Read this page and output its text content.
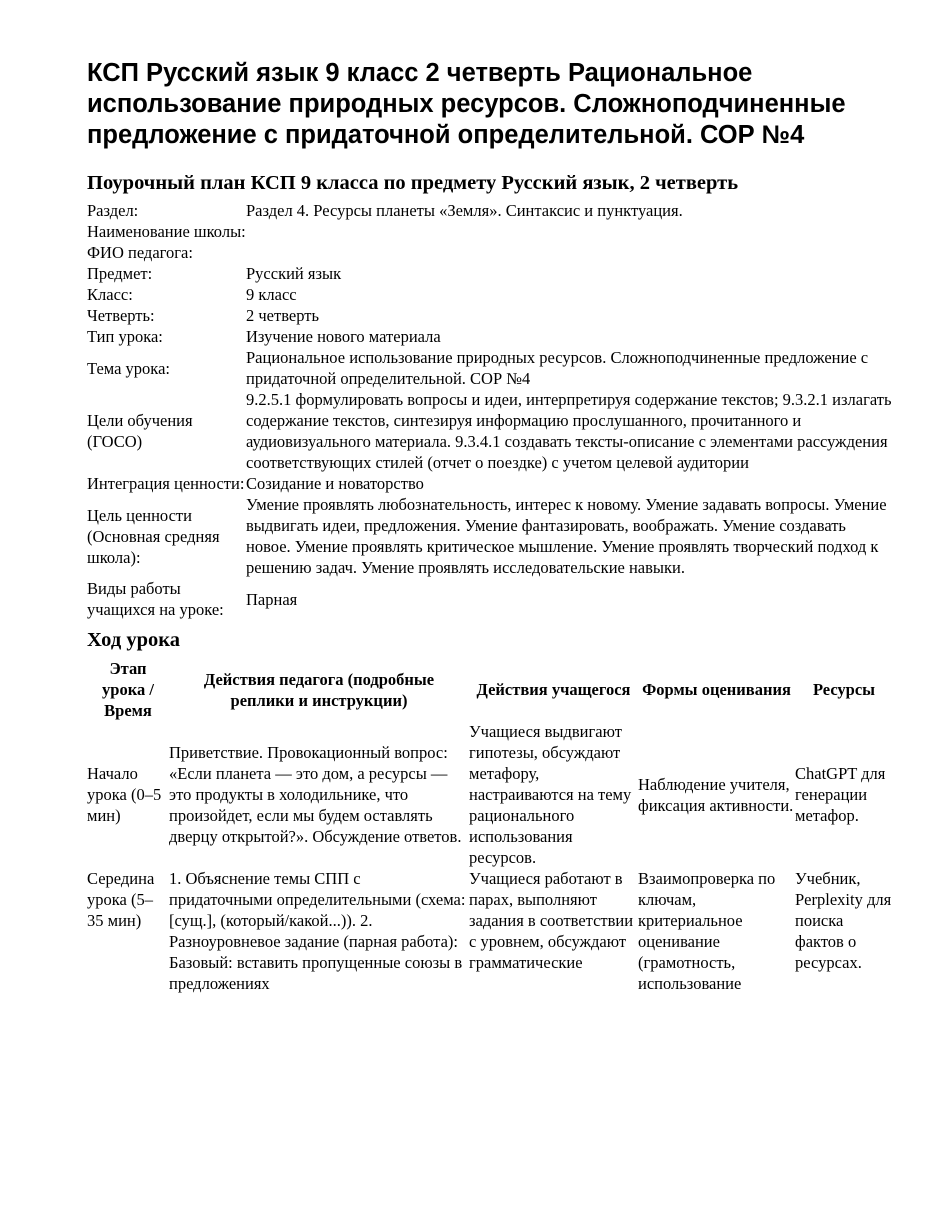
КСП Русский язык 9 класс 2 четверть Рациональное использование природных ресурсов. Сложноподчиненные предложение с придаточной определительной. СОР №4
Поурочный план КСП 9 класса по предмету Русский язык, 2 четверть
Раздел:	Раздел 4. Ресурсы планеты «Земля». Синтаксис и пунктуация.
Наименование школы:	
ФИО педагога:	
Предмет:	Русский язык
Класс:	9 класс
Четверть:	2 четверть
Тип урока:	Изучение нового материала
Тема урока:	Рациональное использование природных ресурсов. Сложноподчиненные предложение с придаточной определительной. СОР №4
Цели обучения (ГОСО)	9.2.5.1 формулировать вопросы и идеи, интерпретируя содержание текстов; 9.3.2.1 излагать содержание текстов, синтезируя информацию прослушанного, прочитанного и аудиовизуального материала. 9.3.4.1 создавать тексты-описание с элементами рассуждения соответствующих стилей (отчет о поездке) с учетом целевой аудитории
Интеграция ценности:	Созидание и новаторство
Цель ценности (Основная средняя школа):	Умение проявлять любознательность, интерес к новому. Умение задавать вопросы. Умение выдвигать идеи, предложения. Умение фантазировать, воображать. Умение создавать новое. Умение проявлять критическое мышление. Умение проявлять творческий подход к решению задач. Умение проявлять исследовательские навыки.
Виды работы учащихся на уроке:	Парная
Ход урока
Этап урока / Время	Действия педагога (подробные реплики и инструкции)	Действия учащегося	Формы оценивания	Ресурсы
Начало урока (0–5 мин)	Приветствие. Провокационный вопрос: «Если планета — это дом, а ресурсы — это продукты в холодильнике, что произойдет, если мы будем оставлять дверцу открытой?». Обсуждение ответов.	Учащиеся выдвигают гипотезы, обсуждают метафору, настраиваются на тему рационального использования ресурсов.	Наблюдение учителя, фиксация активности.	ChatGPT для генерации метафор.
Середина урока (5–35 мин)	1. Объяснение темы СПП с придаточными определительными (схема: [сущ.], (который/какой...)). 2. Разноуровневое задание (парная работа): Базовый: вставить пропущенные союзы в предложениях	Учащиеся работают в парах, выполняют задания в соответствии с уровнем, обсуждают грамматические	Взаимопроверка по ключам, критериальное оценивание (грамотность, использование	Учебник, Perplexity для поиска фактов о ресурсах.
